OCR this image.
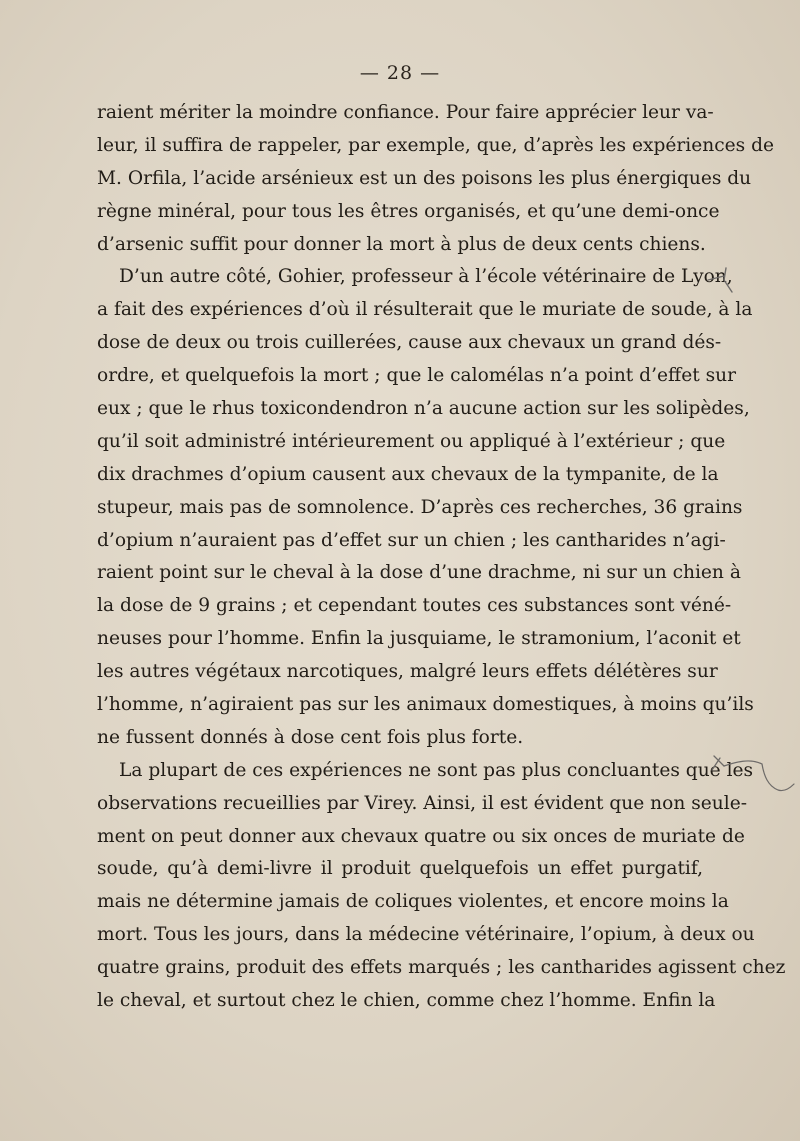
— 28 —
raient mériter la moindre confiance. Pour faire apprécier leur va-
leur, il suffira de rappeler, par exemple, que, d’après les expériences de
M. Orfila, l’acide arsénieux est un des poisons les plus énergiques du
règne minéral, pour tous les êtres organisés, et qu’une demi-once
d’arsenic suffit pour donner la mort à plus de deux cents chiens.
D’un autre côté, Gohier, professeur à l’école vétérinaire de Lyon,
a fait des expériences d’où il résulterait que le muriate de soude, à la
dose de deux ou trois cuillerées, cause aux chevaux un grand dés-
ordre, et quelquefois la mort ; que le calomélas n’a point d’effet sur
eux ; que le rhus toxicondendron n’a aucune action sur les solipèdes,
qu’il soit administré intérieurement ou appliqué à l’extérieur ; que
dix drachmes d’opium causent aux chevaux de la tympanite, de la
stupeur, mais pas de somnolence. D’après ces recherches, 36 grains
d’opium n’auraient pas d’effet sur un chien ; les cantharides n’agi-
raient point sur le cheval à la dose d’une drachme, ni sur un chien à
la dose de 9 grains ; et cependant toutes ces substances sont véné-
neuses pour l’homme. Enfin la jusquiame, le stramonium, l’aconit et
les autres végétaux narcotiques, malgré leurs effets délétères sur
l’homme, n’agiraient pas sur les animaux domestiques, à moins qu’ils
ne fussent donnés à dose cent fois plus forte.
La plupart de ces expériences ne sont pas plus concluantes que les
observations recueillies par Virey. Ainsi, il est évident que non seule-
ment on peut donner aux chevaux quatre ou six onces de muriate de
soude, qu’à demi-livre il produit quelquefois un effet purgatif,
mais ne détermine jamais de coliques violentes, et encore moins la
mort. Tous les jours, dans la médecine vétérinaire, l’opium, à deux ou
quatre grains, produit des effets marqués ; les cantharides agissent chez
le cheval, et surtout chez le chien, comme chez l’homme. Enfin la
